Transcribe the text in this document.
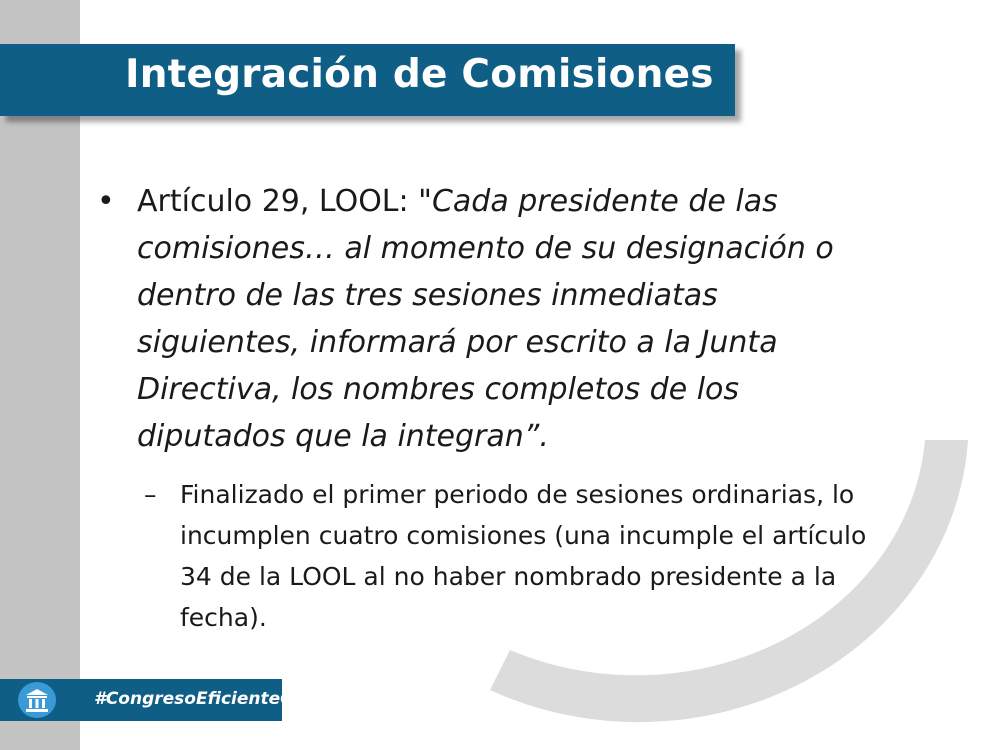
Integración de Comisiones
• Artículo 29, LOOL: "Cada presidente de las comisiones… al momento de su designación o dentro de las tres sesiones inmediatas siguientes, informará por escrito a la Junta Directiva, los nombres completos de los diputados que la integran”.
– Finalizado el primer periodo de sesiones ordinarias, lo incumplen cuatro comisiones (una incumple el artículo 34 de la LOOL al no haber nombrado presidente a la fecha).
#CongresoEficienteGT
